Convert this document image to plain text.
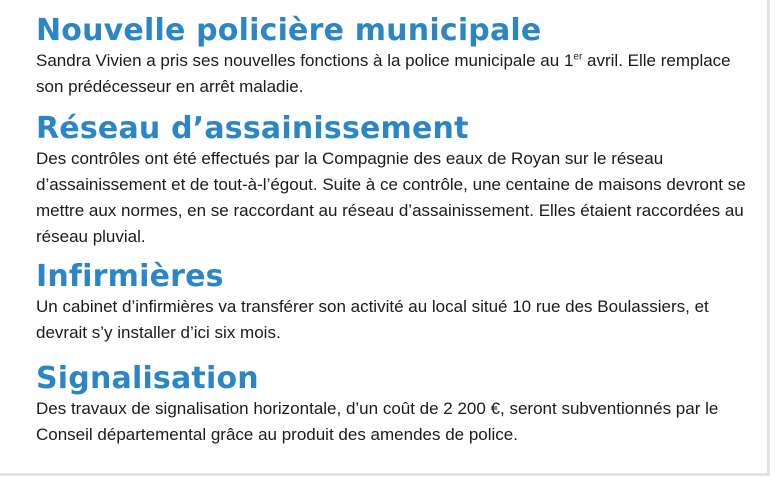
Nouvelle policière municipale

Sandra Vivien a pris ses nouvelles fonctions à la police municipale au 1er avril. Elle remplace son prédécesseur en arrêt maladie.

Réseau d’assainissement

Des contrôles ont été effectués par la Compagnie des eaux de Royan sur le réseau d’assainissement et de tout-à-l’égout. Suite à ce contrôle, une centaine de maisons devront se mettre aux normes, en se raccordant au réseau d’assainissement. Elles étaient raccordées au réseau pluvial.

Infirmières

Un cabinet d’infirmières va transférer son activité au local situé 10 rue des Boulassiers, et devrait s’y installer d’ici six mois.

Signalisation

Des travaux de signalisation horizontale, d’un coût de 2 200 €, seront subventionnés par le Conseil départemental grâce au produit des amendes de police.
